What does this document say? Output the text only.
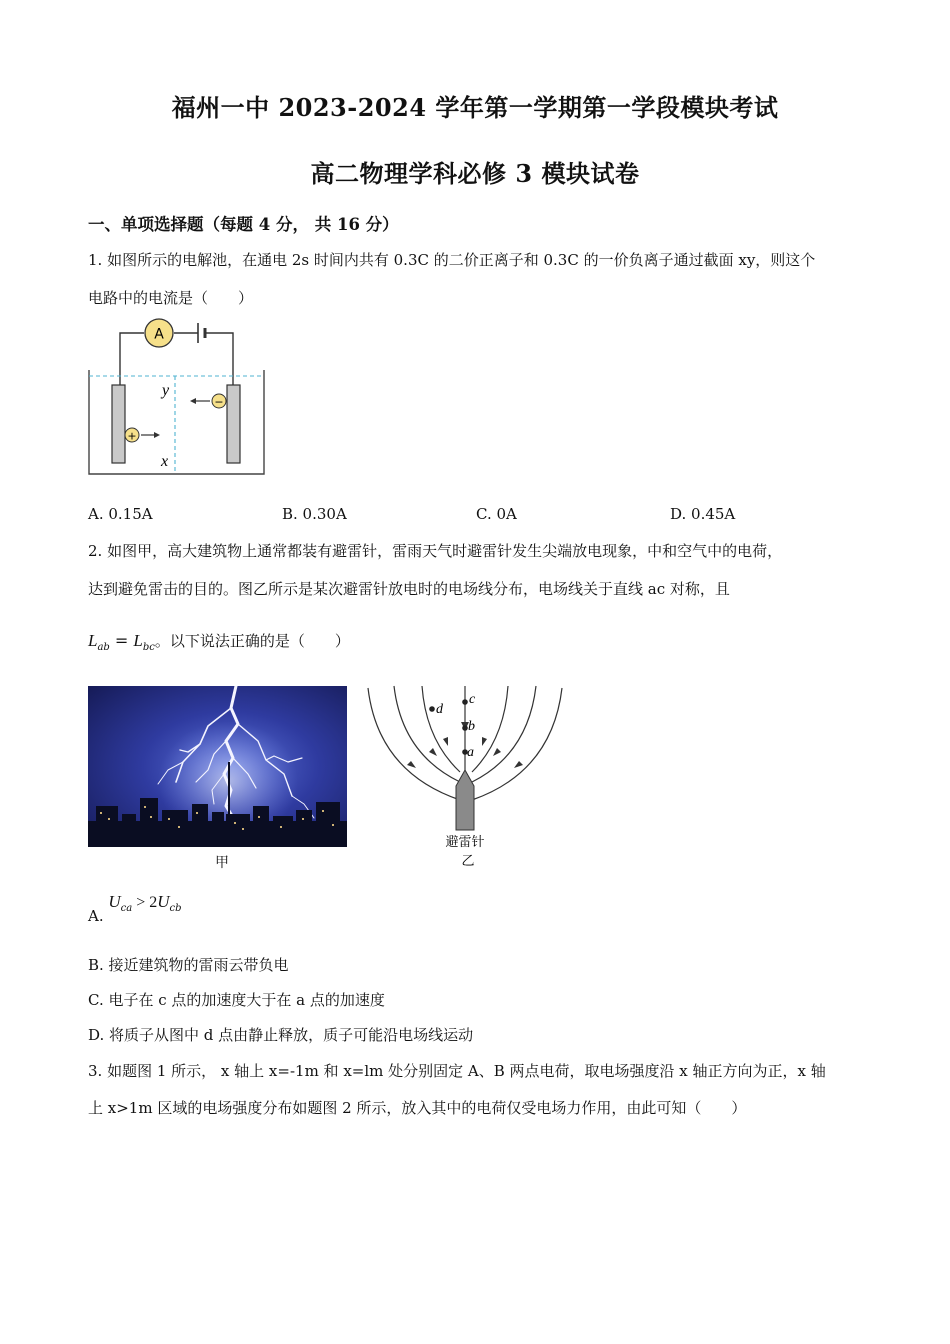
福州一中 2023-2024 学年第一学期第一学段模块考试
高二物理学科必修 3 模块试卷
一、单项选择题（每题 4 分， 共 16 分）
1. 如图所示的电解池，在通电 2s 时间内共有 0.3C 的二价正离子和 0.3C 的一价负离子通过截面 xy，则这个
电路中的电流是（　　）
A
y
x
−
+
A. 0.15A	B. 0.30A	C. 0A	D. 0.45A
2. 如图甲，高大建筑物上通常都装有避雷针，雷雨天气时避雷针发生尖端放电现象，中和空气中的电荷，
达到避免雷击的目的。图乙所示是某次避雷针放电时的电场线分布，电场线关于直线 ac 对称，且
$L_{ab} = L_{bc}$。以下说法正确的是（　　）
甲
c
b
a
d
避雷针
乙
A. $U_{ca} > 2U_{cb}$
B. 接近建筑物的雷雨云带负电
C. 电子在 c 点的加速度大于在 a 点的加速度
D. 将质子从图中 d 点由静止释放，质子可能沿电场线运动
3. 如题图 1 所示， x 轴上 x=-1m 和 x=lm 处分别固定 A、B 两点电荷，取电场强度沿 x 轴正方向为正，x 轴
上 x>1m 区域的电场强度分布如题图 2 所示，放入其中的电荷仅受电场力作用，由此可知（　　）
